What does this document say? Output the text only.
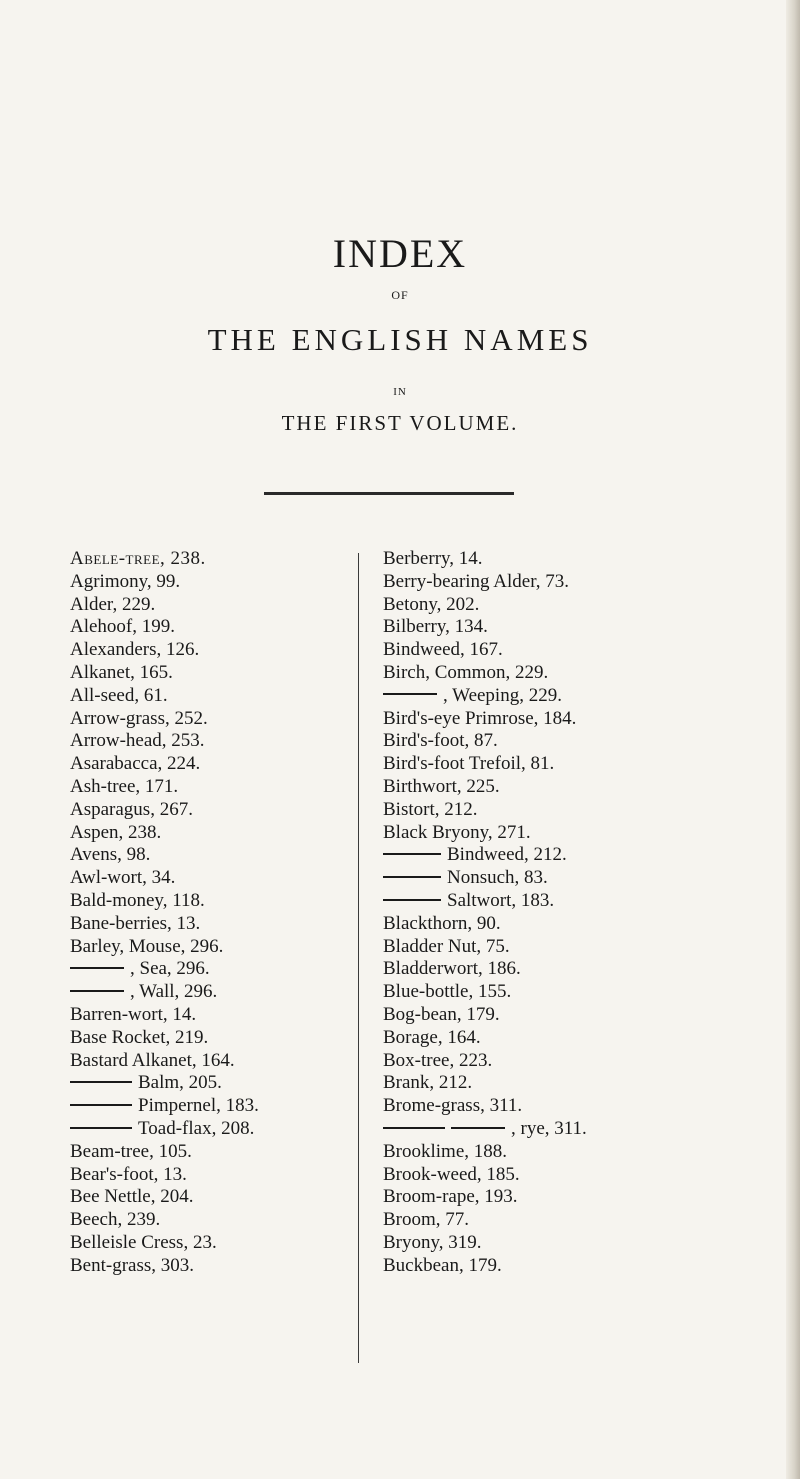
INDEX
OF
THE ENGLISH NAMES
IN
THE FIRST VOLUME.
Abele-tree, 238.
Agrimony, 99.
Alder, 229.
Alehoof, 199.
Alexanders, 126.
Alkanet, 165.
All-seed, 61.
Arrow-grass, 252.
Arrow-head, 253.
Asarabacca, 224.
Ash-tree, 171.
Asparagus, 267.
Aspen, 238.
Avens, 98.
Awl-wort, 34.
Bald-money, 118.
Bane-berries, 13.
Barley, Mouse, 296.
, Sea, 296.
, Wall, 296.
Barren-wort, 14.
Base Rocket, 219.
Bastard Alkanet, 164.
Balm, 205.
Pimpernel, 183.
Toad-flax, 208.
Beam-tree, 105.
Bear's-foot, 13.
Bee Nettle, 204.
Beech, 239.
Belleisle Cress, 23.
Bent-grass, 303.
Berberry, 14.
Berry-bearing Alder, 73.
Betony, 202.
Bilberry, 134.
Bindweed, 167.
Birch, Common, 229.
, Weeping, 229.
Bird's-eye Primrose, 184.
Bird's-foot, 87.
Bird's-foot Trefoil, 81.
Birthwort, 225.
Bistort, 212.
Black Bryony, 271.
Bindweed, 212.
Nonsuch, 83.
Saltwort, 183.
Blackthorn, 90.
Bladder Nut, 75.
Bladderwort, 186.
Blue-bottle, 155.
Bog-bean, 179.
Borage, 164.
Box-tree, 223.
Brank, 212.
Brome-grass, 311.
, rye, 311.
Brooklime, 188.
Brook-weed, 185.
Broom-rape, 193.
Broom, 77.
Bryony, 319.
Buckbean, 179.
